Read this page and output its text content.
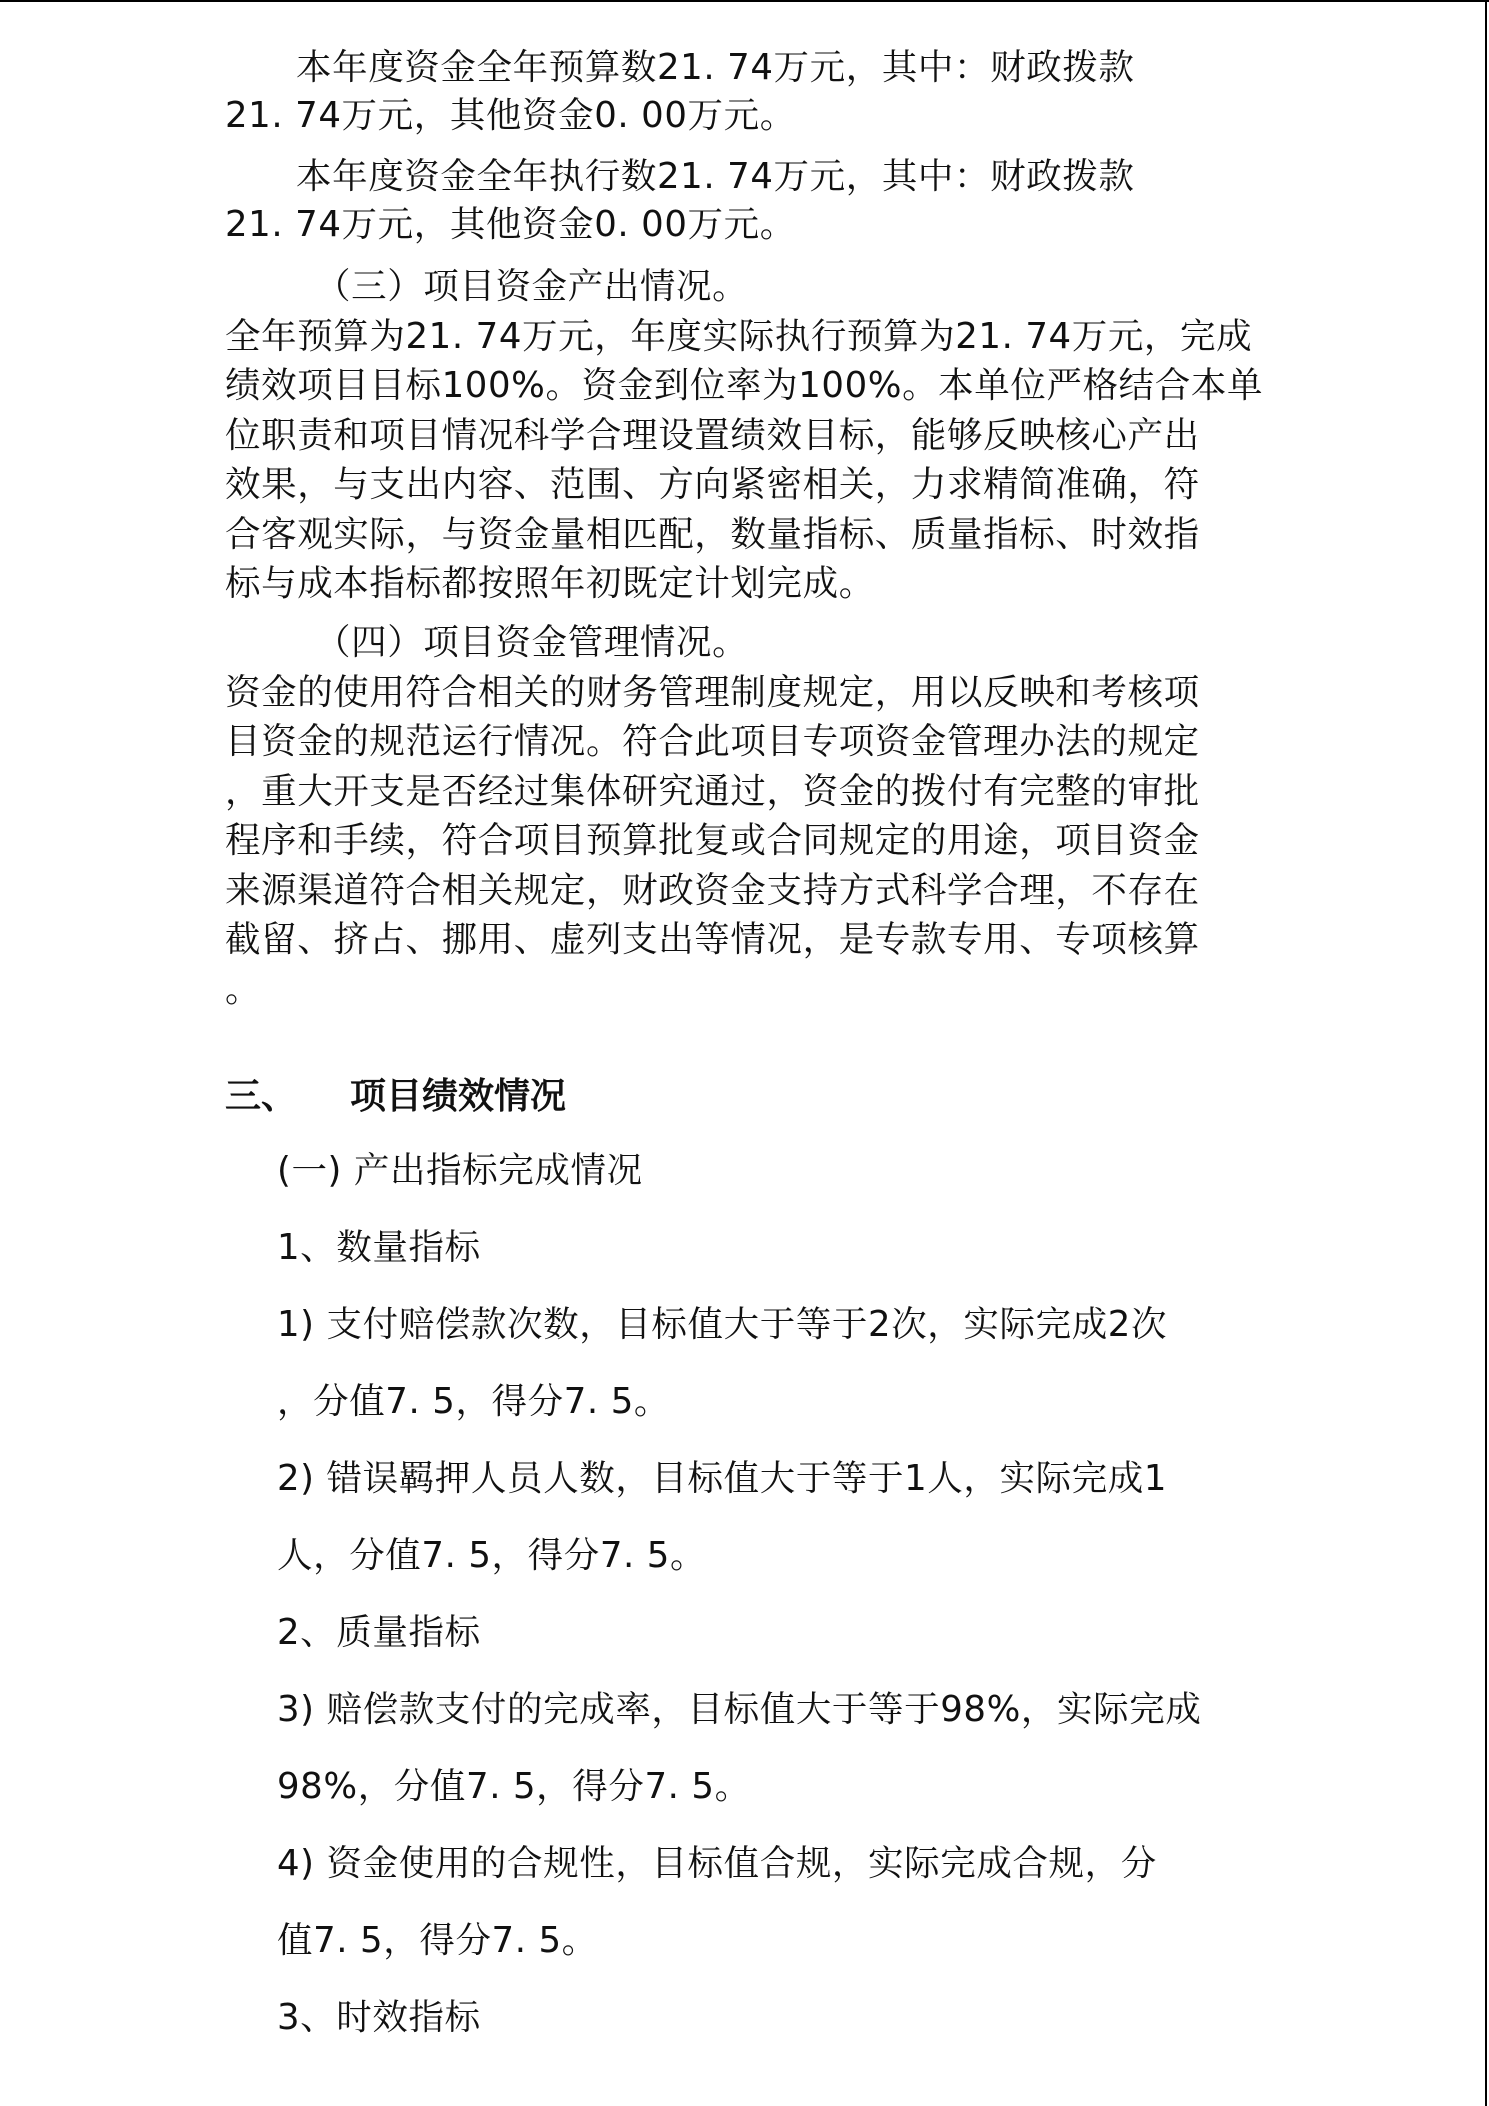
本年度资金全年预算数21. 74万元，其中：财政拨款
21. 74万元，其他资金0. 00万元。
本年度资金全年执行数21. 74万元，其中：财政拨款
21. 74万元，其他资金0. 00万元。
（三）项目资金产出情况。
全年预算为21. 74万元，年度实际执行预算为21. 74万元，完成
绩效项目目标100%。资金到位率为100%。本单位严格结合本单
位职责和项目情况科学合理设置绩效目标，能够反映核心产出
效果，与支出内容、范围、方向紧密相关，力求精简准确，符
合客观实际，与资金量相匹配，数量指标、质量指标、时效指
标与成本指标都按照年初既定计划完成。
（四）项目资金管理情况。
资金的使用符合相关的财务管理制度规定，用以反映和考核项
目资金的规范运行情况。符合此项目专项资金管理办法的规定
，重大开支是否经过集体研究通过，资金的拨付有完整的审批
程序和手续，符合项目预算批复或合同规定的用途，项目资金
来源渠道符合相关规定，财政资金支持方式科学合理，不存在
截留、挤占、挪用、虚列支出等情况，是专款专用、专项核算
。
三、 项目绩效情况
(一) 产出指标完成情况
1、数量指标
1) 支付赔偿款次数，目标值大于等于2次，实际完成2次
，分值7. 5，得分7. 5。
2) 错误羁押人员人数，目标值大于等于1人，实际完成1
人，分值7. 5，得分7. 5。
2、质量指标
3) 赔偿款支付的完成率，目标值大于等于98%，实际完成
98%，分值7. 5，得分7. 5。
4) 资金使用的合规性，目标值合规，实际完成合规，分
值7. 5，得分7. 5。
3、时效指标
